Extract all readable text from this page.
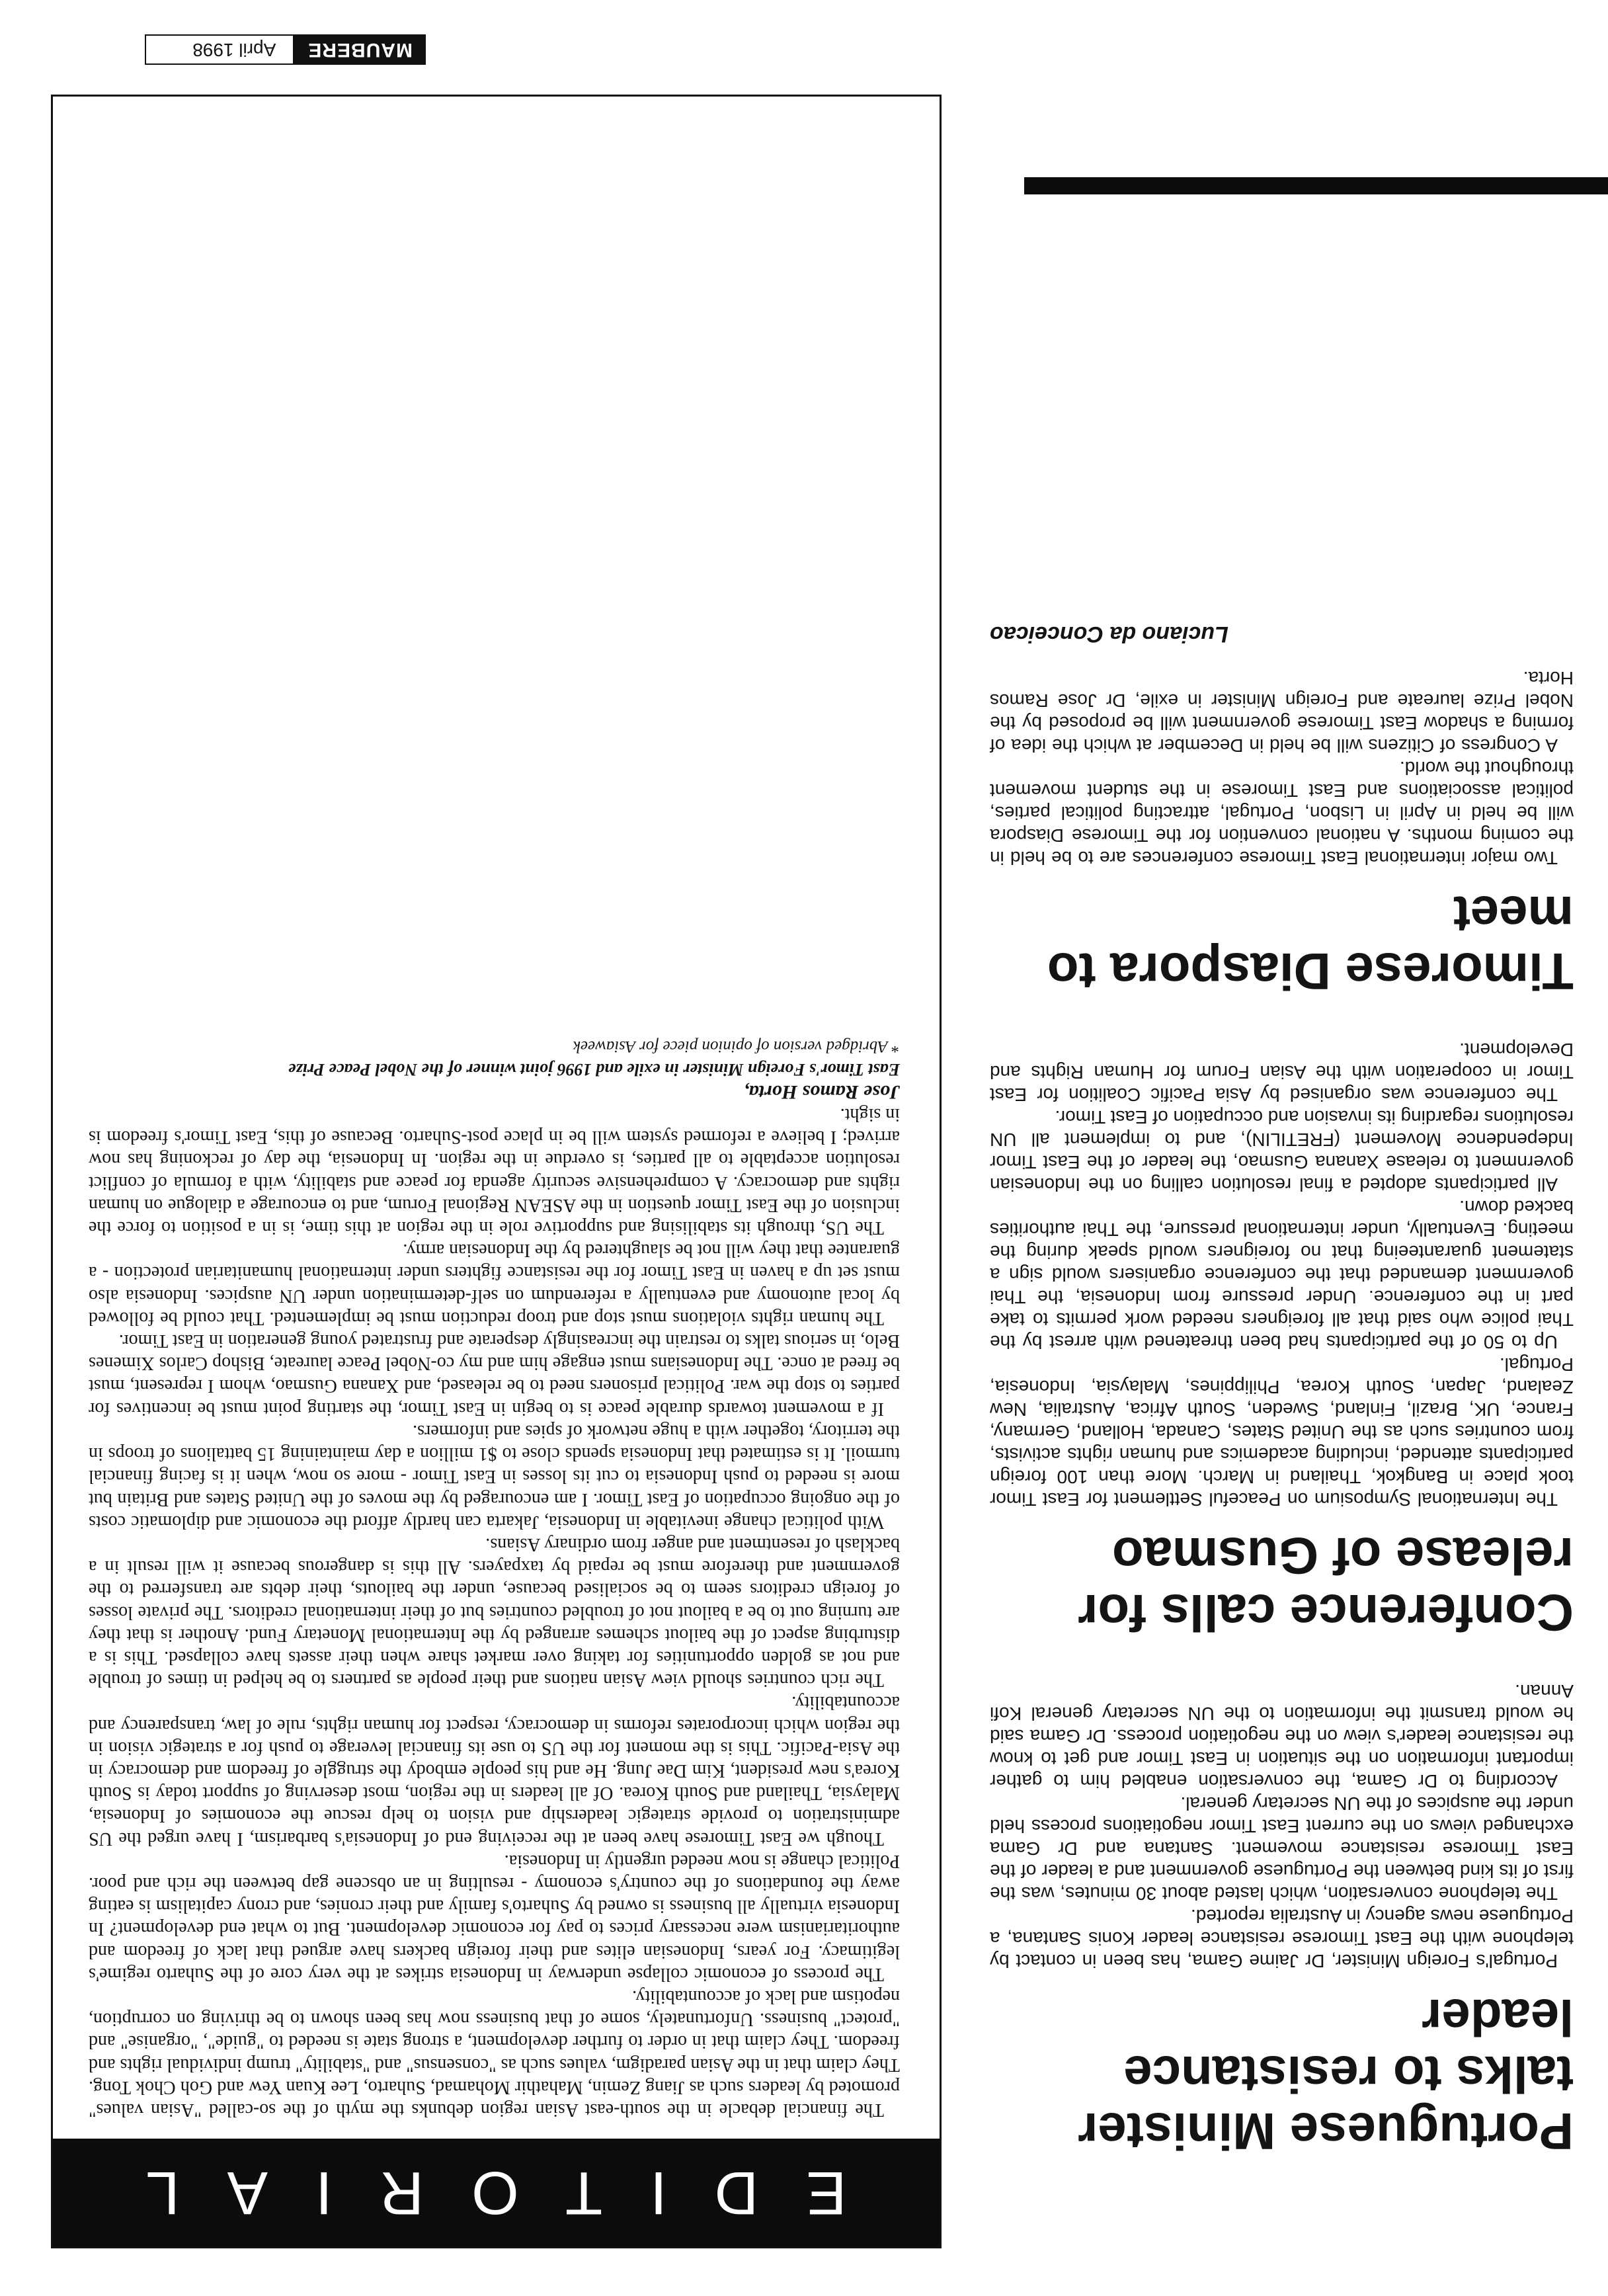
MAUBERE
April 1998
EDITORIAL

The financial debacle in the south-east Asian region debunks the myth of the so-called "Asian values" promoted by leaders such as Jiang Zemin, Mahathir Mohamad, Suharto, Lee Kuan Yew and Goh Chok Tong. They claim that in the Asian paradigm, values such as "consensus" and "stability" trump individual rights and freedom. They claim that in order to further development, a strong state is needed to "guide", "organise" and "protect" business. Unfortunately, some of that business now has been shown to be thriving on corruption, nepotism and lack of accountability.

The process of economic collapse underway in Indonesia strikes at the very core of the Suharto regime's legitimacy. For years, Indonesian elites and their foreign backers have argued that lack of freedom and authoritarianism were necessary prices to pay for economic development. But to what end development? In Indonesia virtually all business is owned by Suharto's family and their cronies, and crony capitalism is eating away the foundations of the country's economy - resulting in an obscene gap between the rich and poor. Political change is now needed urgently in Indonesia.

Though we East Timorese have been at the receiving end of Indonesia's barbarism, I have urged the US administration to provide strategic leadership and vision to help rescue the economies of Indonesia, Malaysia, Thailand and South Korea. Of all leaders in the region, most deserving of support today is South Korea's new president, Kim Dae Jung. He and his people embody the struggle of freedom and democracy in the Asia-Pacific. This is the moment for the US to use its financial leverage to push for a strategic vision in the region which incorporates reforms in democracy, respect for human rights, rule of law, transparency and accountability.

The rich countries should view Asian nations and their people as partners to be helped in times of trouble and not as golden opportunities for taking over market share when their assets have collapsed. This is a disturbing aspect of the bailout schemes arranged by the International Monetary Fund. Another is that they are turning out to be a bailout not of troubled countries but of their international creditors. The private losses of foreign creditors seem to be socialised because, under the bailouts, their debts are transferred to the government and therefore must be repaid by taxpayers. All this is dangerous because it will result in a backlash of resentment and anger from ordinary Asians.

With political change inevitable in Indonesia, Jakarta can hardly afford the economic and diplomatic costs of the ongoing occupation of East Timor. I am encouraged by the moves of the United States and Britain but more is needed to push Indonesia to cut its losses in East Timor - more so now, when it is facing financial turmoil. It is estimated that Indonesia spends close to $1 million a day maintaining 15 battalions of troops in the territory, together with a huge network of spies and informers.

If a movement towards durable peace is to begin in East Timor, the starting point must be incentives for parties to stop the war. Political prisoners need to be released, and Xanana Gusmao, whom I represent, must be freed at once. The Indonesians must engage him and my co-Nobel Peace laureate, Bishop Carlos Ximenes Belo, in serious talks to restrain the increasingly desperate and frustrated young generation in East Timor.

The human rights violations must stop and troop reduction must be implemented. That could be followed by local autonomy and eventually a referendum on self-determination under UN auspices. Indonesia also must set up a haven in East Timor for the resistance fighters under international humanitarian protection - a guarantee that they will not be slaughtered by the Indonesian army.

The US, through its stabilising and supportive role in the region at this time, is in a position to force the inclusion of the East Timor question in the ASEAN Regional Forum, and to encourage a dialogue on human rights and democracy. A comprehensive security agenda for peace and stability, with a formula of conflict resolution acceptable to all parties, is overdue in the region. In Indonesia, the day of reckoning has now arrived; I believe a reformed system will be in place post-Suharto. Because of this, East Timor's freedom is in sight.

Jose Ramos Horta,

East Timor's Foreign Minister in exile and 1996 joint winner of the Nobel Peace Prize

* Abridged version of opinion piece for Asiaweek

Portuguese Minister talks to resistance leader

Portugal's Foreign Minister, Dr Jaime Gama, has been in contact by telephone with the East Timorese resistance leader Konis Santana, a Portuguese news agency in Australia reported.

The telephone conversation, which lasted about 30 minutes, was the first of its kind between the Portuguese government and a leader of the East Timorese resistance movement. Santana and Dr Gama exchanged views on the current East Timor negotiations process held under the auspices of the UN secretary general.

According to Dr Gama, the conversation enabled him to gather important information on the situation in East Timor and get to know the resistance leader's view on the negotiation process. Dr Gama said he would transmit the information to the UN secretary general Kofi Annan.

Conference calls for release of Gusmao

The International Symposium on Peaceful Settlement for East Timor took place in Bangkok, Thailand in March. More than 100 foreign participants attended, including academics and human rights activists, from countries such as the United States, Canada, Holland, Germany, France, UK, Brazil, Finland, Sweden, South Africa, Australia, New Zealand, Japan, South Korea, Philippines, Malaysia, Indonesia, Portugal.

Up to 50 of the participants had been threatened with arrest by the Thai police who said that all foreigners needed work permits to take part in the conference. Under pressure from Indonesia, the Thai government demanded that the conference organisers would sign a statement guaranteeing that no foreigners would speak during the meeting. Eventually, under international pressure, the Thai authorities backed down.

All participants adopted a final resolution calling on the Indonesian government to release Xanana Gusmao, the leader of the East Timor Independence Movement (FRETILIN), and to implement all UN resolutions regarding its invasion and occupation of East Timor.

The conference was organised by Asia Pacific Coalition for East Timor in cooperation with the Asian Forum for Human Rights and Development.

Timorese Diaspora to meet

Two major international East Timorese conferences are to be held in the coming months. A national convention for the Timorese Diaspora will be held in April in Lisbon, Portugal, attracting political parties, political associations and East Timorese in the student movement throughout the world.

A Congress of Citizens will be held in December at which the idea of forming a shadow East Timorese government will be proposed by the Nobel Prize laureate and Foreign Minister in exile, Dr Jose Ramos Horta.

Luciano da Conceicao
